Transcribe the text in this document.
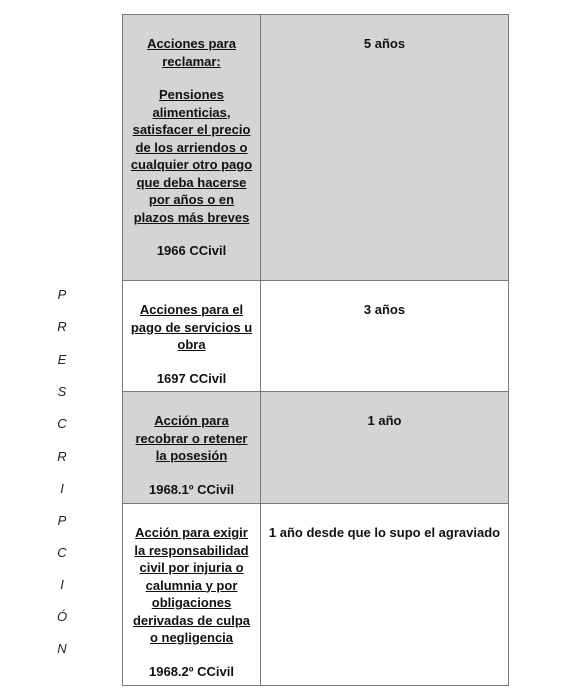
P
R
E
S
C
R
I
P
C
I
Ó
N
Acciones para reclamar:
Pensiones alimenticias, satisfacer el precio de los arriendos o cualquier otro pago que deba hacerse por años o en plazos más breves
1966 CCivil	5 años

Acciones para el pago de servicios u obra
1697 CCivil	3 años

Acción para recobrar o retener la posesión
1968.1º CCivil	1 año

Acción para exigir la responsabilidad civil por injuria o calumnia y por obligaciones derivadas de culpa o negligencia
1968.2º CCivil	1 año desde que lo supo el agraviado
